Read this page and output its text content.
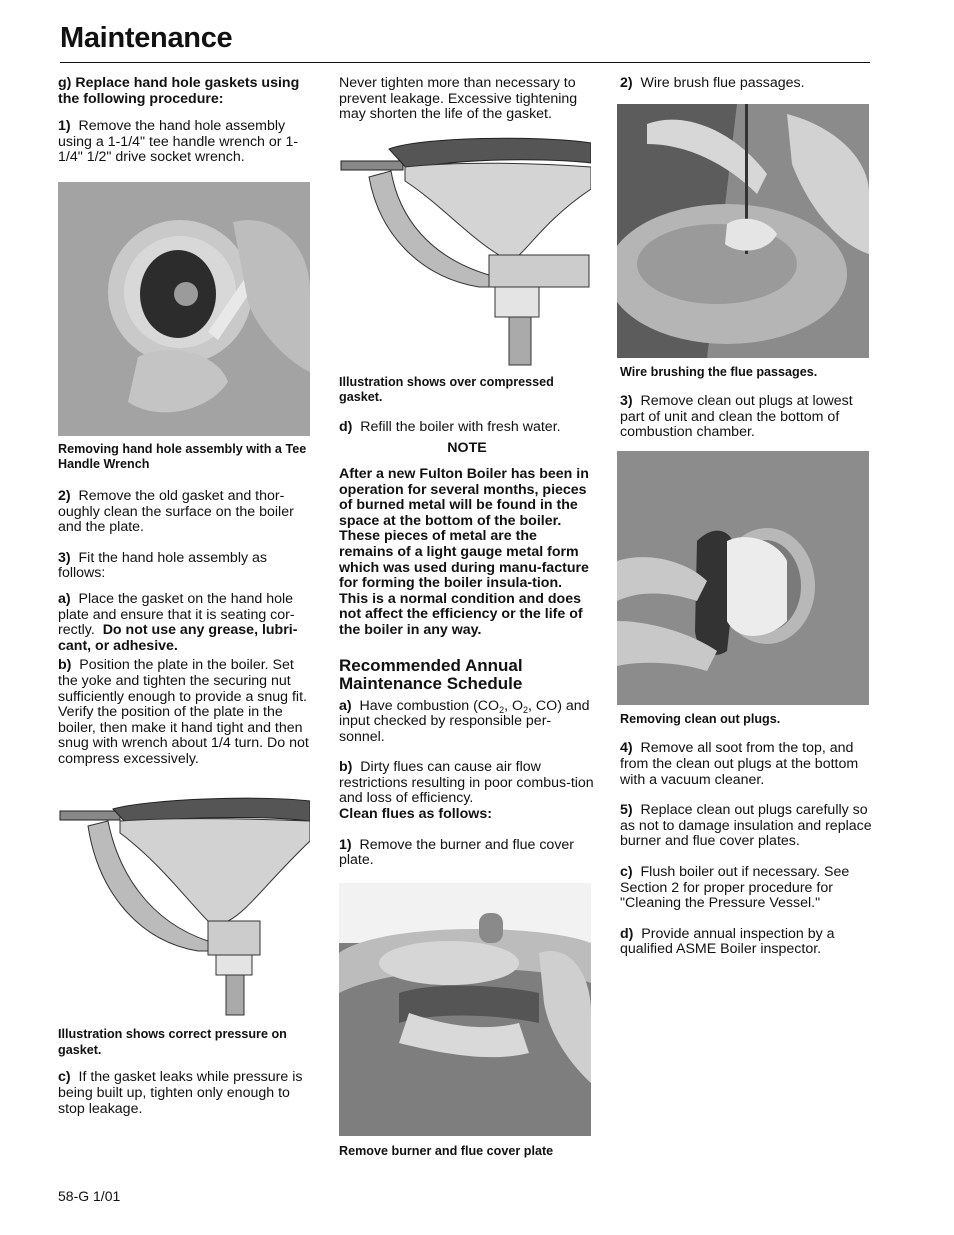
Maintenance

g) Replace hand hole gaskets using the following procedure:

1) Remove the hand hole assembly using a 1-1/4" tee handle wrench or 1-1/4" 1/2" drive socket wrench.

Removing hand hole assembly with a Tee Handle Wrench

2) Remove the old gasket and thor-oughly clean the surface on the boiler and the plate.

3) Fit the hand hole assembly as follows:

a) Place the gasket on the hand hole plate and ensure that it is seating cor-rectly. Do not use any grease, lubri-cant, or adhesive.

b) Position the plate in the boiler. Set the yoke and tighten the securing nut sufficiently enough to provide a snug fit. Verify the position of the plate in the boiler, then make it hand tight and then snug with wrench about 1/4 turn. Do not compress excessively.

Illustration shows correct pressure on gasket.

c) If the gasket leaks while pressure is being built up, tighten only enough to stop leakage.

Never tighten more than necessary to prevent leakage. Excessive tightening may shorten the life of the gasket.

Illustration shows over compressed gasket.

d) Refill the boiler with fresh water.

NOTE

After a new Fulton Boiler has been in operation for several months, pieces of burned metal will be found in the space at the bottom of the boiler. These pieces of metal are the remains of a light gauge metal form which was used during manu-facture for forming the boiler insula-tion. This is a normal condition and does not affect the efficiency or the life of the boiler in any way.

Recommended Annual Maintenance Schedule

a) Have combustion ($CO_2$, $O_2$, CO) and input checked by responsible per-sonnel.

b) Dirty flues can cause air flow restrictions resulting in poor combus-tion and loss of efficiency.

Clean flues as follows:

1) Remove the burner and flue cover plate.

Remove burner and flue cover plate

2) Wire brush flue passages.

Wire brushing the flue passages.

3) Remove clean out plugs at lowest part of unit and clean the bottom of combustion chamber.

Removing clean out plugs.

4) Remove all soot from the top, and from the clean out plugs at the bottom with a vacuum cleaner.

5) Replace clean out plugs carefully so as not to damage insulation and replace burner and flue cover plates.

c) Flush boiler out if necessary. See Section 2 for proper procedure for "Cleaning the Pressure Vessel."

d) Provide annual inspection by a qualified ASME Boiler inspector.

58-G 1/01
